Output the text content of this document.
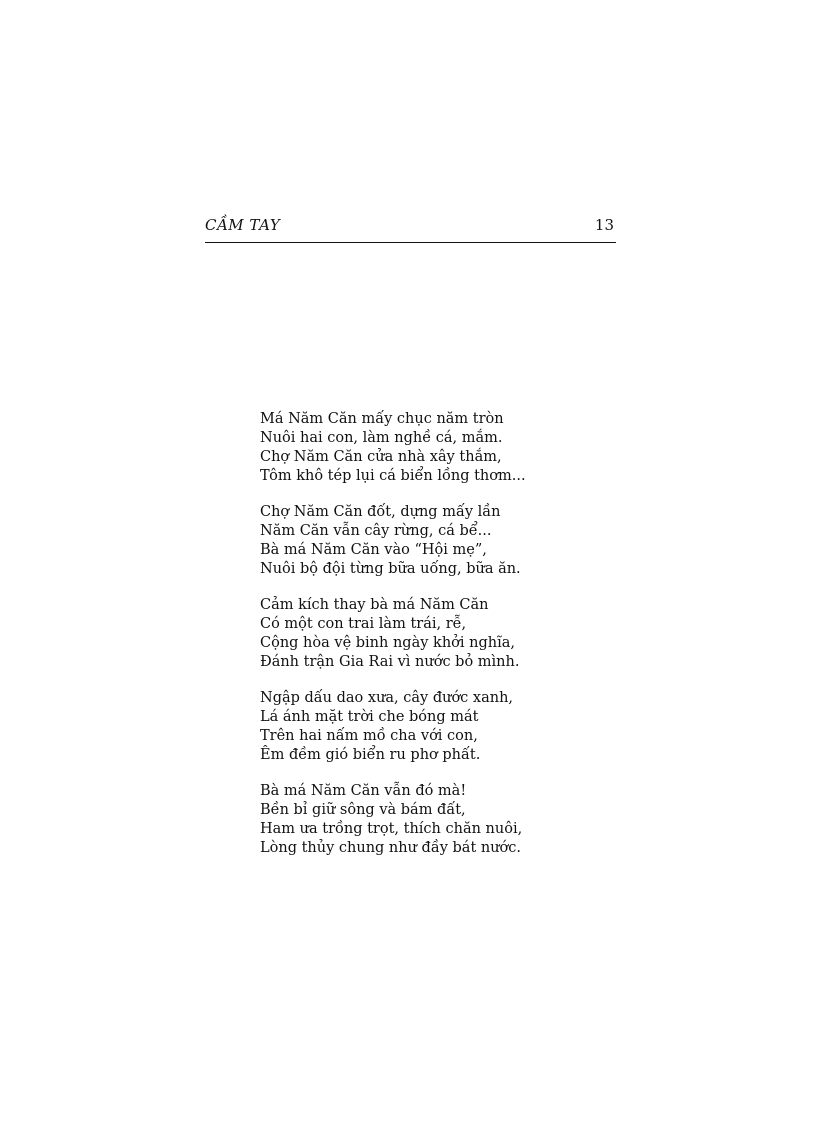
CẦM TAY	13
Má Năm Căn mấy chục năm tròn
Nuôi hai con, làm nghề cá, mắm.
Chợ Năm Căn cửa nhà xây thắm,
Tôm khô tép lụi cá biển lồng thơm...
Chợ Năm Căn đốt, dựng mấy lần
Năm Căn vẫn cây rừng, cá bể...
Bà má Năm Căn vào “Hội mẹ”,
Nuôi bộ đội từng bữa uống, bữa ăn.
Cảm kích thay bà má Năm Căn
Có một con trai làm trái, rễ,
Cộng hòa vệ binh ngày khởi nghĩa,
Đánh trận Gia Rai vì nước bỏ mình.
Ngập dấu dao xưa, cây đước xanh,
Lá ánh mặt trời che bóng mát
Trên hai nấm mồ cha với con,
Êm đềm gió biển ru phơ phất.
Bà má Năm Căn vẫn đó mà!
Bền bỉ giữ sông và bám đất,
Ham ưa trồng trọt, thích chăn nuôi,
Lòng thủy chung như đầy bát nước.
